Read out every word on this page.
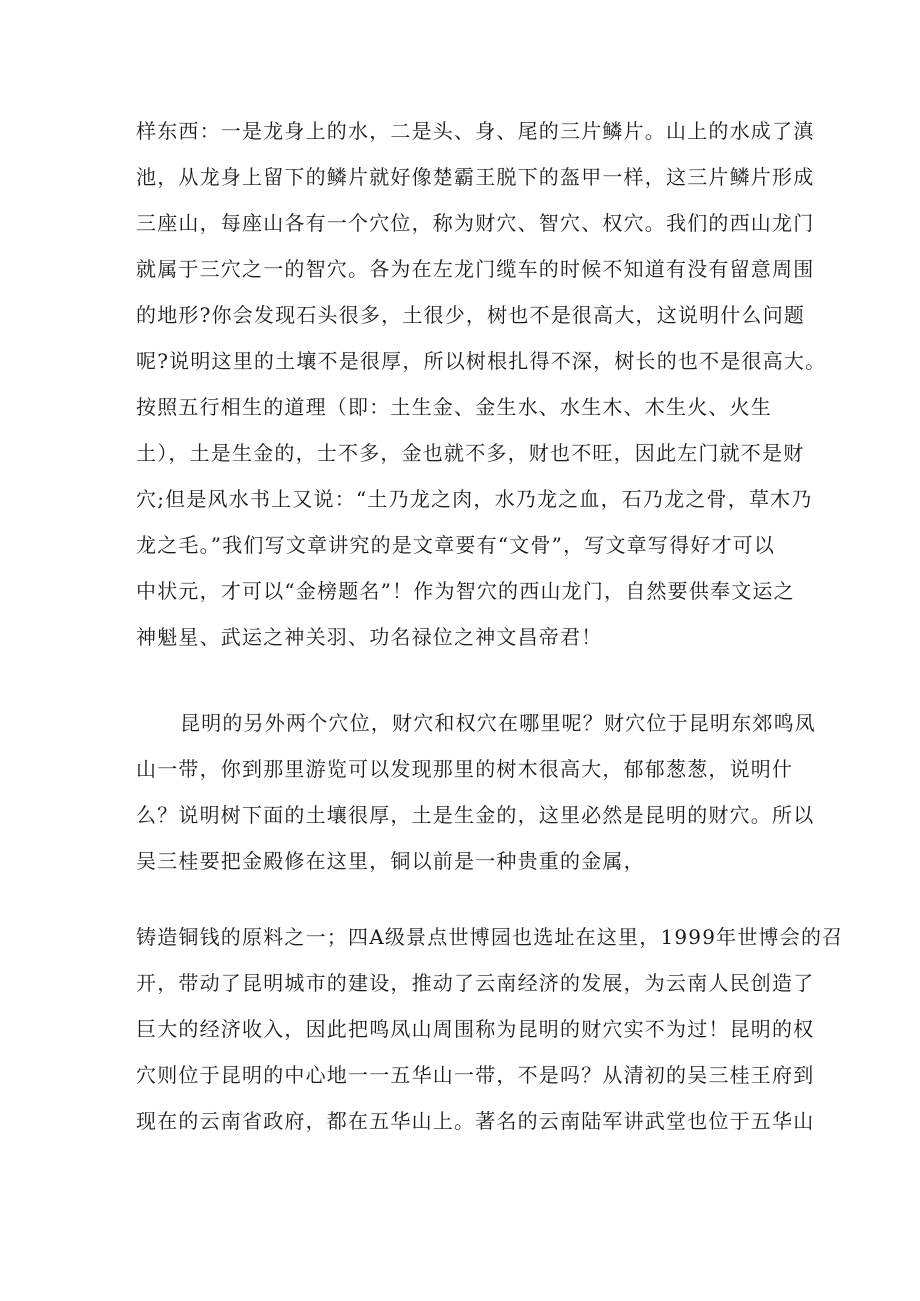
样东西：一是龙身上的水，二是头、身、尾的三片鳞片。山上的水成了滇
池，从龙身上留下的鳞片就好像楚霸王脱下的盔甲一样，这三片鳞片形成
三座山，每座山各有一个穴位，称为财穴、智穴、权穴。我们的西山龙门
就属于三穴之一的智穴。各为在左龙门缆车的时候不知道有没有留意周围
的地形?你会发现石头很多，土很少，树也不是很高大，这说明什么问题
呢?说明这里的土壤不是很厚，所以树根扎得不深，树长的也不是很高大。
按照五行相生的道理（即：土生金、金生水、水生木、木生火、火生
土），土是生金的，士不多，金也就不多，财也不旺，因此左门就不是财
穴;但是风水书上又说：“土乃龙之肉，水乃龙之血，石乃龙之骨，草木乃
龙之毛。”我们写文章讲究的是文章要有“文骨”，写文章写得好才可以
中状元，才可以“金榜题名”！作为智穴的西山龙门，自然要供奉文运之
神魁星、武运之神关羽、功名禄位之神文昌帝君！
昆明的另外两个穴位，财穴和权穴在哪里呢？财穴位于昆明东郊鸣凤
山一带，你到那里游览可以发现那里的树木很高大，郁郁葱葱，说明什
么？说明树下面的土壤很厚，土是生金的，这里必然是昆明的财穴。所以
吴三桂要把金殿修在这里，铜以前是一种贵重的金属，
铸造铜钱的原料之一；四A级景点世博园也选址在这里，1999年世博会的召
开，带动了昆明城市的建设，推动了云南经济的发展，为云南人民创造了
巨大的经济收入，因此把鸣凤山周围称为昆明的财穴实不为过！昆明的权
穴则位于昆明的中心地一一五华山一带，不是吗？从清初的吴三桂王府到
现在的云南省政府，都在五华山上。著名的云南陆军讲武堂也位于五华山
